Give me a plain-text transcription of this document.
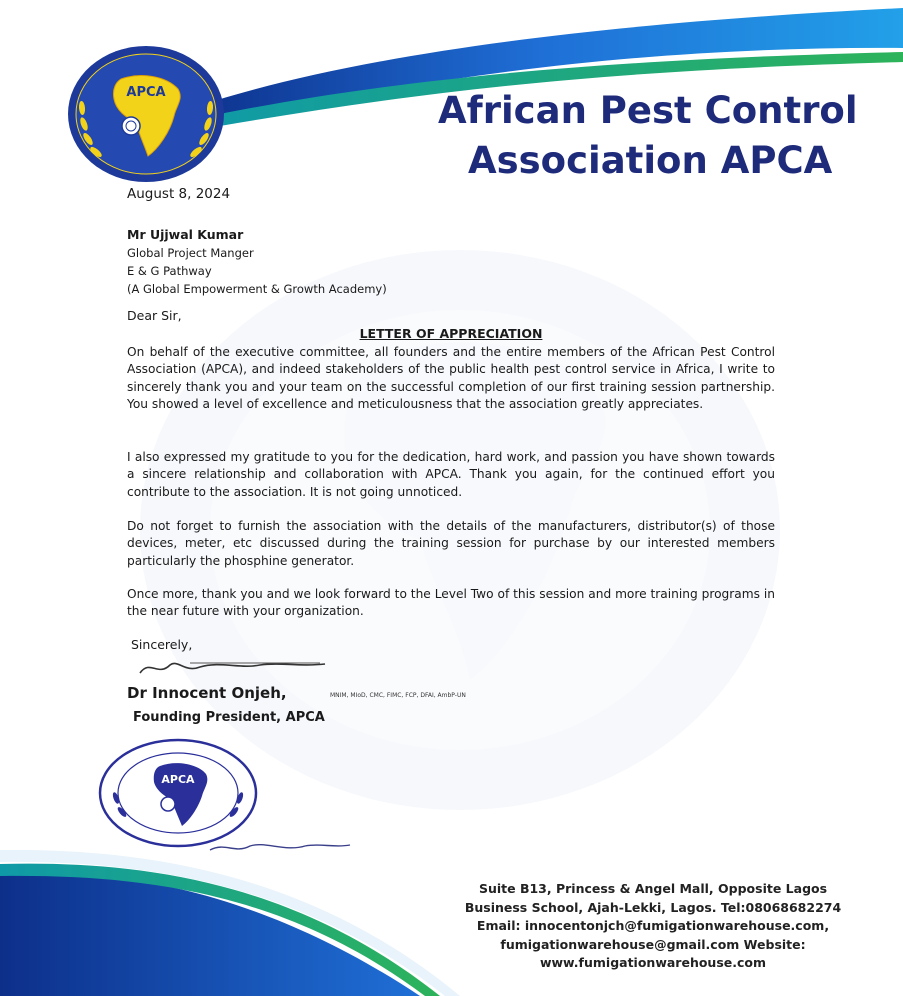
APCA	African Pest Control
Association APCA
August 8, 2024
Mr Ujjwal Kumar
Global Project Manger
E & G Pathway
(A Global Empowerment & Growth Academy)
Dear Sir,
LETTER OF APPRECIATION
On behalf of the executive committee, all founders and the entire members of the African Pest Control Association (APCA), and indeed stakeholders of the public health pest control service in Africa, I write to sincerely thank you and your team on the successful completion of our first training session partnership. You showed a level of excellence and meticulousness that the association greatly appreciates.
I also expressed my gratitude to you for the dedication, hard work, and passion you have shown towards a sincere relationship and collaboration with APCA. Thank you again, for the continued effort you contribute to the association. It is not going unnoticed.
Do not forget to furnish the association with the details of the manufacturers, distributor(s) of those devices, meter, etc discussed during the training session for purchase by our interested members particularly the phosphine generator.
Once more, thank you and we look forward to the Level Two of this session and more training programs in the near future with your organization.
Sincerely,
Dr Innocent Onjeh,	MNIM, MIoD, CMC, FIMC, FCP, DFAI, AmbP-UN
Founding President, APCA
APCA
Suite B13, Princess & Angel Mall, Opposite Lagos
Business School, Ajah-Lekki, Lagos. Tel:08068682274
Email: innocentonjch@fumigationwarehouse.com,
fumigationwarehouse@gmail.com Website:
www.fumigationwarehouse.com
